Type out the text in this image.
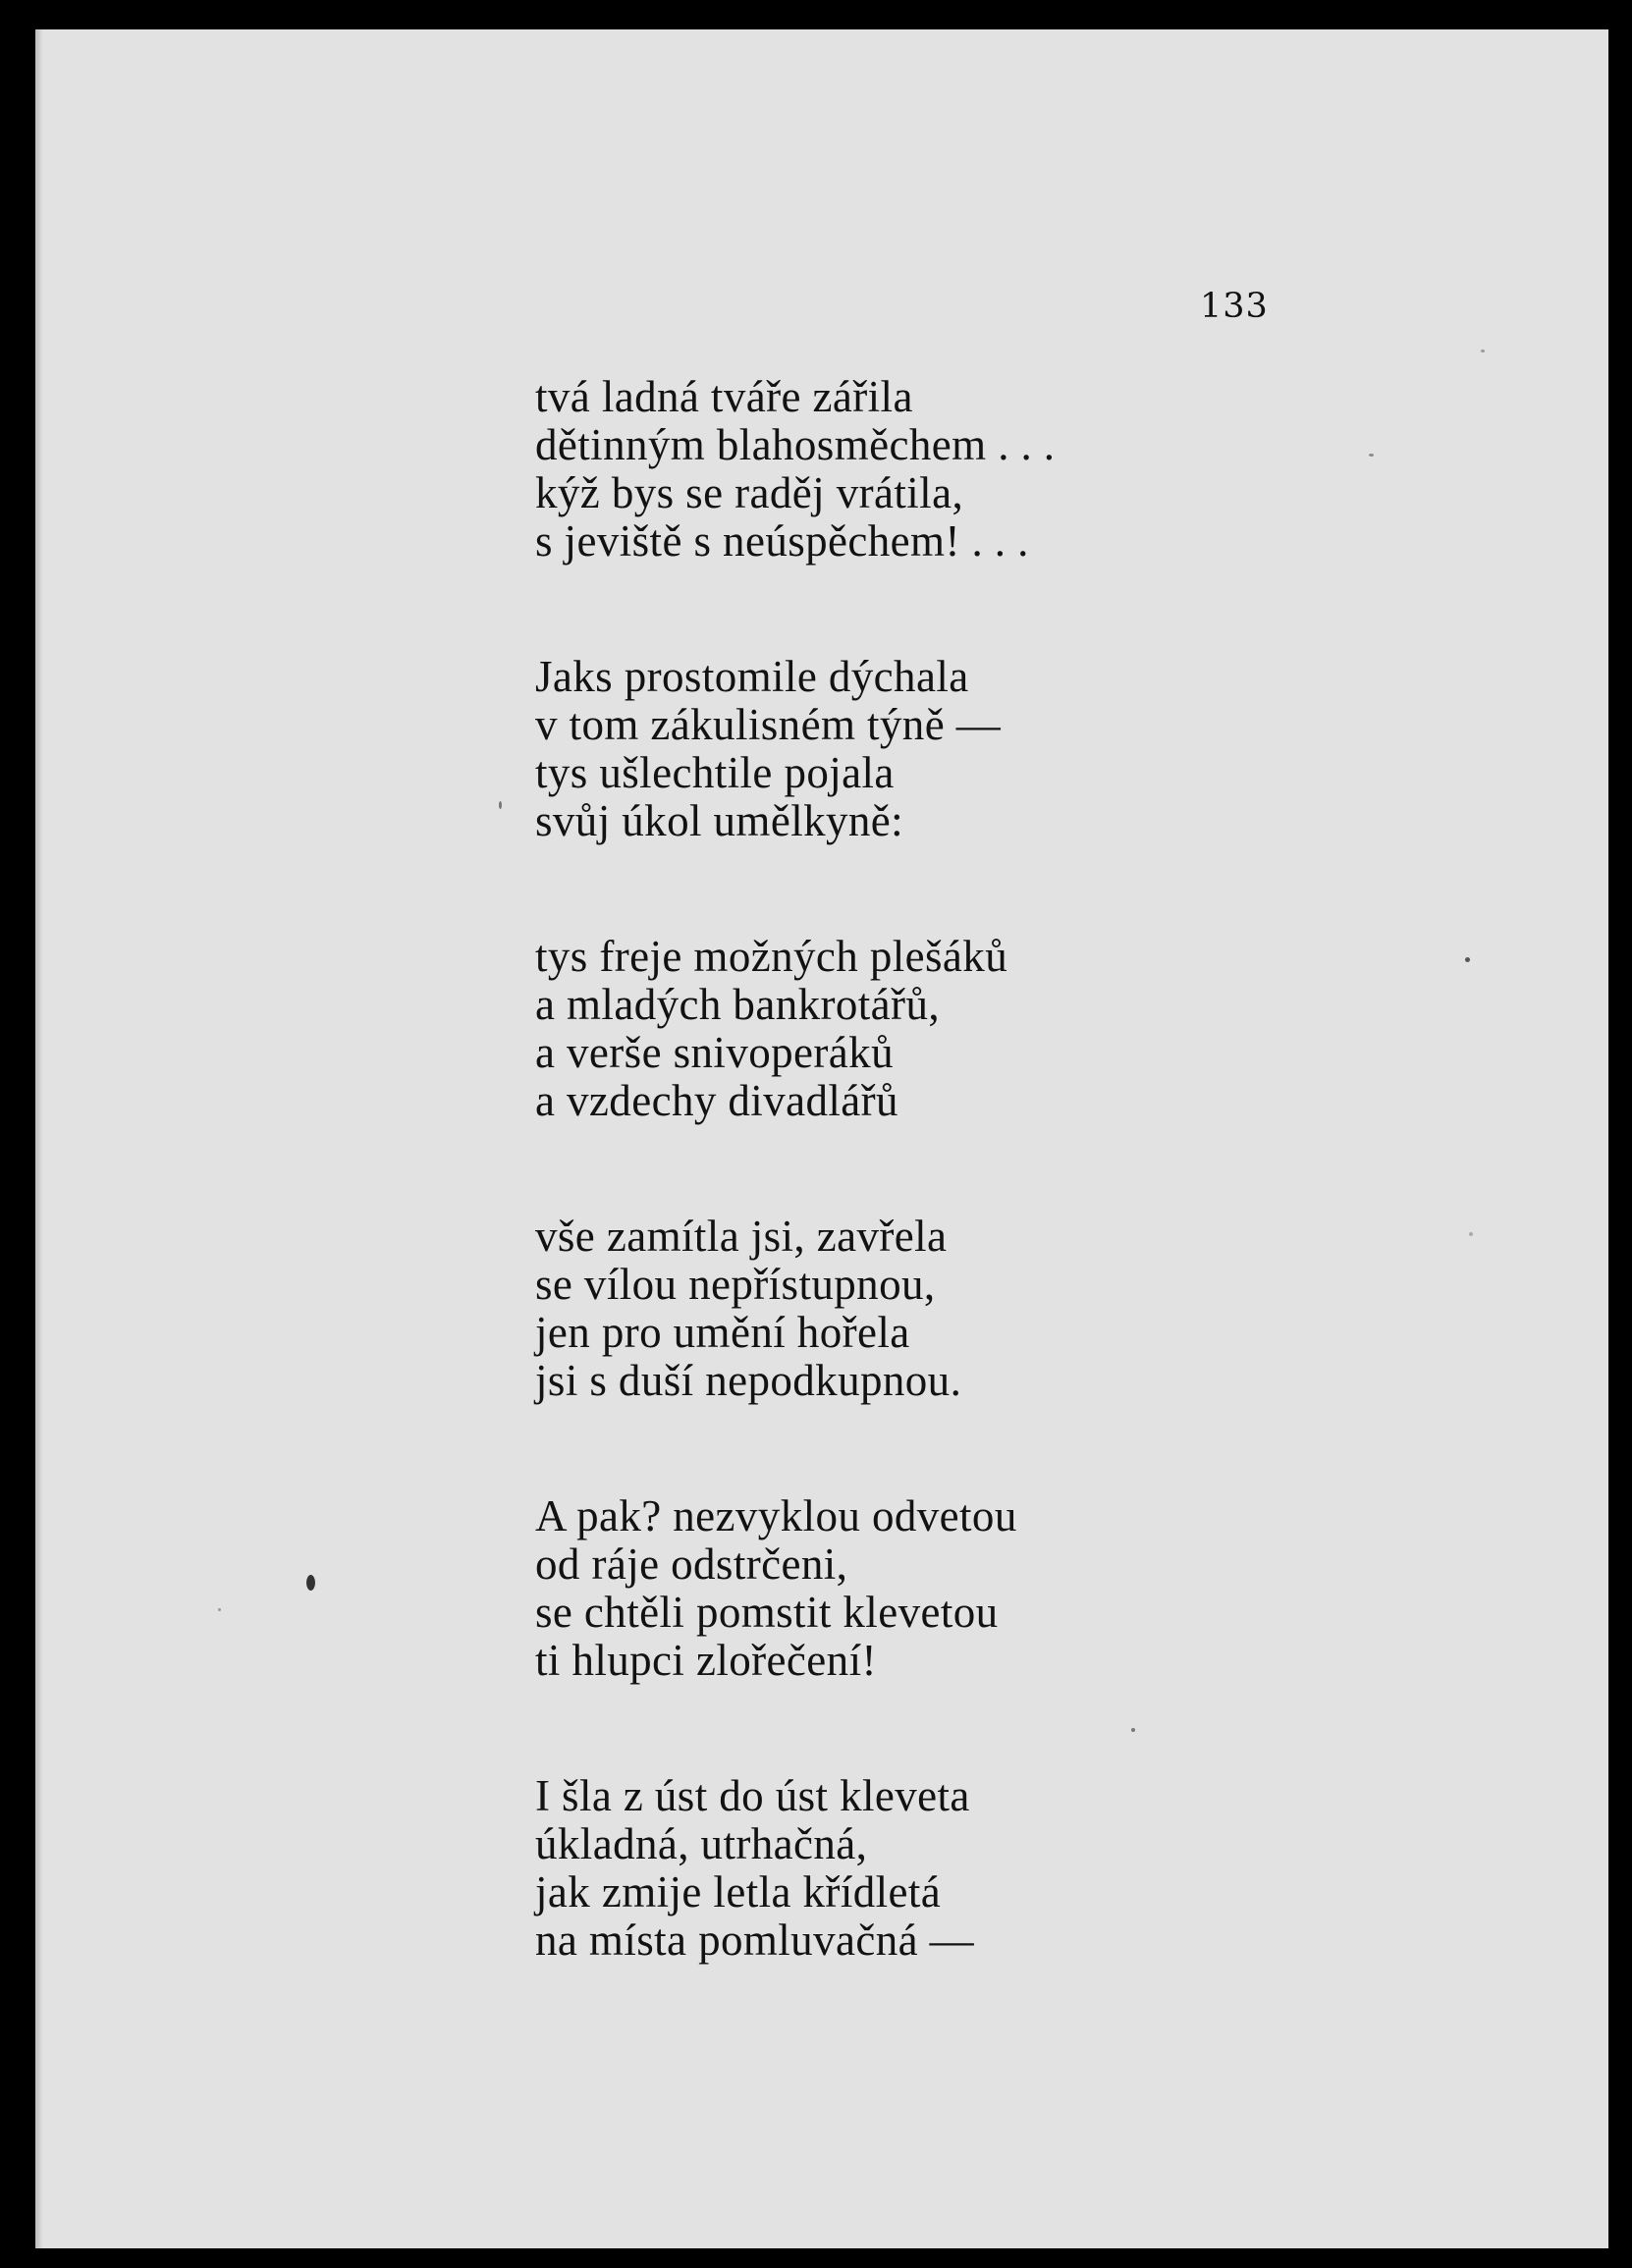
133
tvá ladná tváře zářila
dětinným blahosměchem . . .
kýž bys se raděj vrátila,
s jeviště s neúspěchem! . . .
Jaks prostomile dýchala
v tom zákulisném týně —
tys ušlechtile pojala
svůj úkol umělkyně:
tys freje možných plešáků
a mladých bankrotářů,
a verše snivoperáků
a vzdechy divadlářů
vše zamítla jsi, zavřela
se vílou nepřístupnou,
jen pro umění hořela
jsi s duší nepodkupnou.
A pak? nezvyklou odvetou
od ráje odstrčeni,
se chtěli pomstit klevetou
ti hlupci zlořečení!
I šla z úst do úst kleveta
úkladná, utrhačná,
jak zmije letla křídletá
na místa pomluvačná —
